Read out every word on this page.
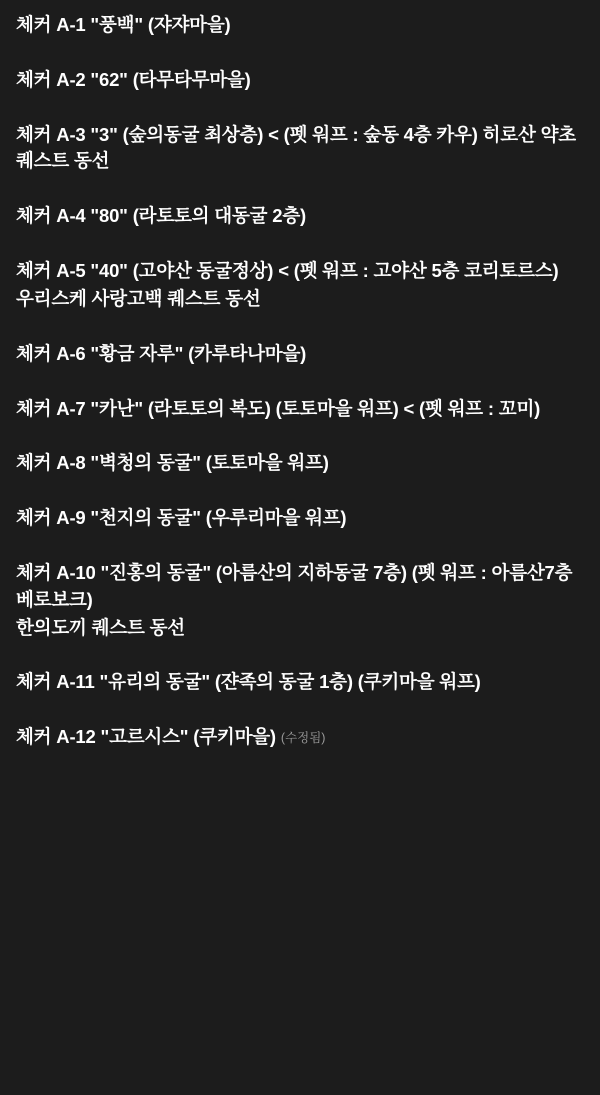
체커 A-1 "풍백" (쟈쟈마을)
체커 A-2 "62" (타무타무마을)
체커 A-3 "3" (숲의동굴 최상층) < (펫 워프 : 숲동 4층 카우) 히로산 약초 퀘스트 동선
체커 A-4 "80" (라토토의 대동굴 2층)
체커 A-5 "40" (고야산 동굴정상) < (펫 워프 : 고야산 5층 코리토르스)
우리스케 사랑고백 퀘스트 동선
체커 A-6 "황금 자루" (카루타나마을)
체커 A-7 "카난" (라토토의 복도) (토토마을 워프) < (펫 워프 : 꼬미)
체커 A-8 "벽청의 동굴" (토토마을 워프)
체커 A-9 "천지의 동굴" (우루리마을 워프)
체커 A-10 "진홍의 동굴" (아름산의 지하동굴 7층) (펫 워프 : 아름산7층 베로보크)
한의도끼 퀘스트 동선
체커 A-11 "유리의 동굴" (쟌족의 동굴 1층) (쿠키마을 워프)
체커 A-12 "고르시스" (쿠키마을) (수정됨)
